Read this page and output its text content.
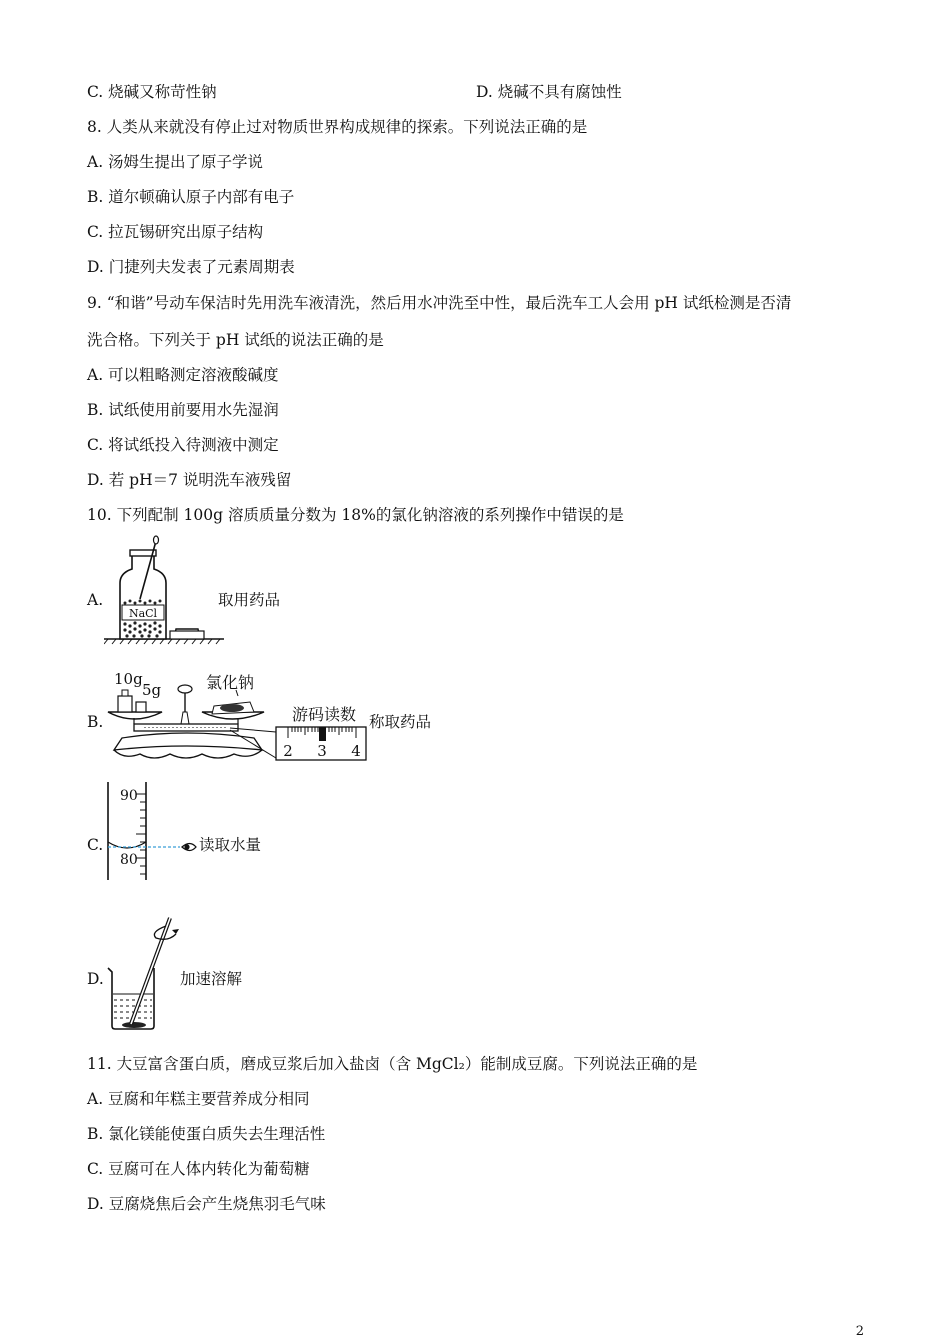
C. 烧碱又称苛性钠	D. 烧碱不具有腐蚀性
8. 人类从来就没有停止过对物质世界构成规律的探索。下列说法正确的是
A. 汤姆生提出了原子学说
B. 道尔顿确认原子内部有电子
C. 拉瓦锡研究出原子结构
D. 门捷列夫发表了元素周期表
9. “和谐”号动车保洁时先用洗车液清洗，然后用水冲洗至中性，最后洗车工人会用 pH 试纸检测是否清
洗合格。下列关于 pH 试纸的说法正确的是
A. 可以粗略测定溶液酸碱度
B. 试纸使用前要用水先湿润
C. 将试纸投入待测液中测定
D. 若 pH＝7 说明洗车液残留
10. 下列配制 100g 溶质质量分数为 18%的氯化钠溶液的系列操作中错误的是
A.
NaCl
取用药品
B.
10g
5g	氯化钠
游码读数
2 3 4
称取药品
C.
90
80
读取水量
D.	加速溶解
11. 大豆富含蛋白质，磨成豆浆后加入盐卤（含 MgCl₂）能制成豆腐。下列说法正确的是
A. 豆腐和年糕主要营养成分相同
B. 氯化镁能使蛋白质失去生理活性
C. 豆腐可在人体内转化为葡萄糖
D. 豆腐烧焦后会产生烧焦羽毛气味
2
